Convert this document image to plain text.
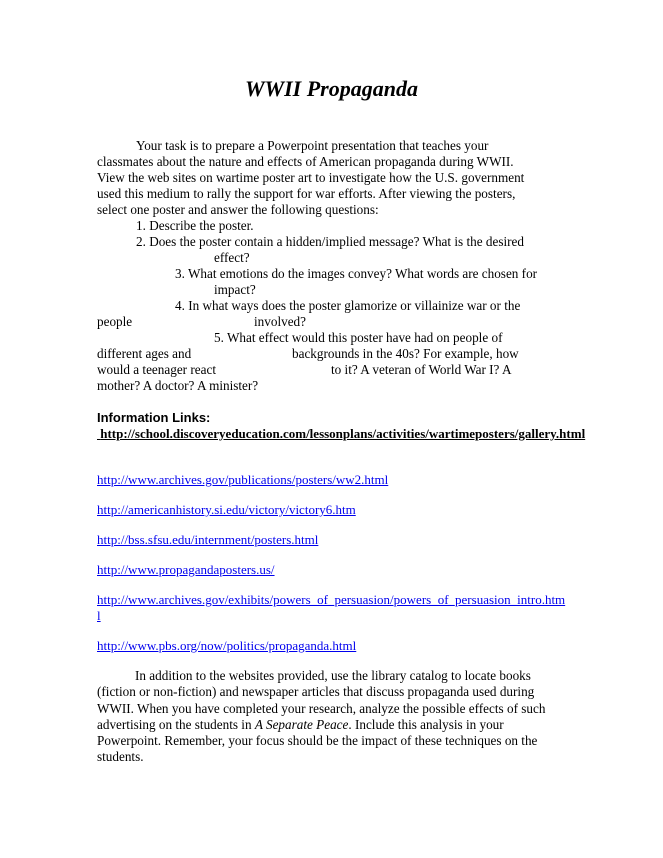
WWII Propaganda
Your task is to prepare a Powerpoint presentation that teaches your
classmates about the nature and effects of American propaganda during WWII.
View the web sites on wartime poster art to investigate how the U.S. government
used this medium to rally the support for war efforts. After viewing the posters,
select one poster and answer the following questions:
1. Describe the poster.
2. Does the poster contain a hidden/implied message? What is the desired
effect?
3. What emotions do the images convey? What words are chosen for
impact?
4. In what ways does the poster glamorize or villainize war or the
people	involved?
5. What effect would this poster have had on people of
different ages and	backgrounds in the 40s? For example, how
would a teenager react	to it? A veteran of World War I? A
mother? A doctor? A minister?
Information Links:
http://school.discoveryeducation.com/lessonplans/activities/wartimeposters/gallery.html
http://www.archives.gov/publications/posters/ww2.html
http://americanhistory.si.edu/victory/victory6.htm
http://bss.sfsu.edu/internment/posters.html
http://www.propagandaposters.us/
http://www.archives.gov/exhibits/powers_of_persuasion/powers_of_persuasion_intro.html
http://www.pbs.org/now/politics/propaganda.html
In addition to the websites provided, use the library catalog to locate books (fiction or non-fiction) and newspaper articles that discuss propaganda used during WWII. When you have completed your research, analyze the possible effects of such advertising on the students in A Separate Peace. Include this analysis in your Powerpoint. Remember, your focus should be the impact of these techniques on the students.
